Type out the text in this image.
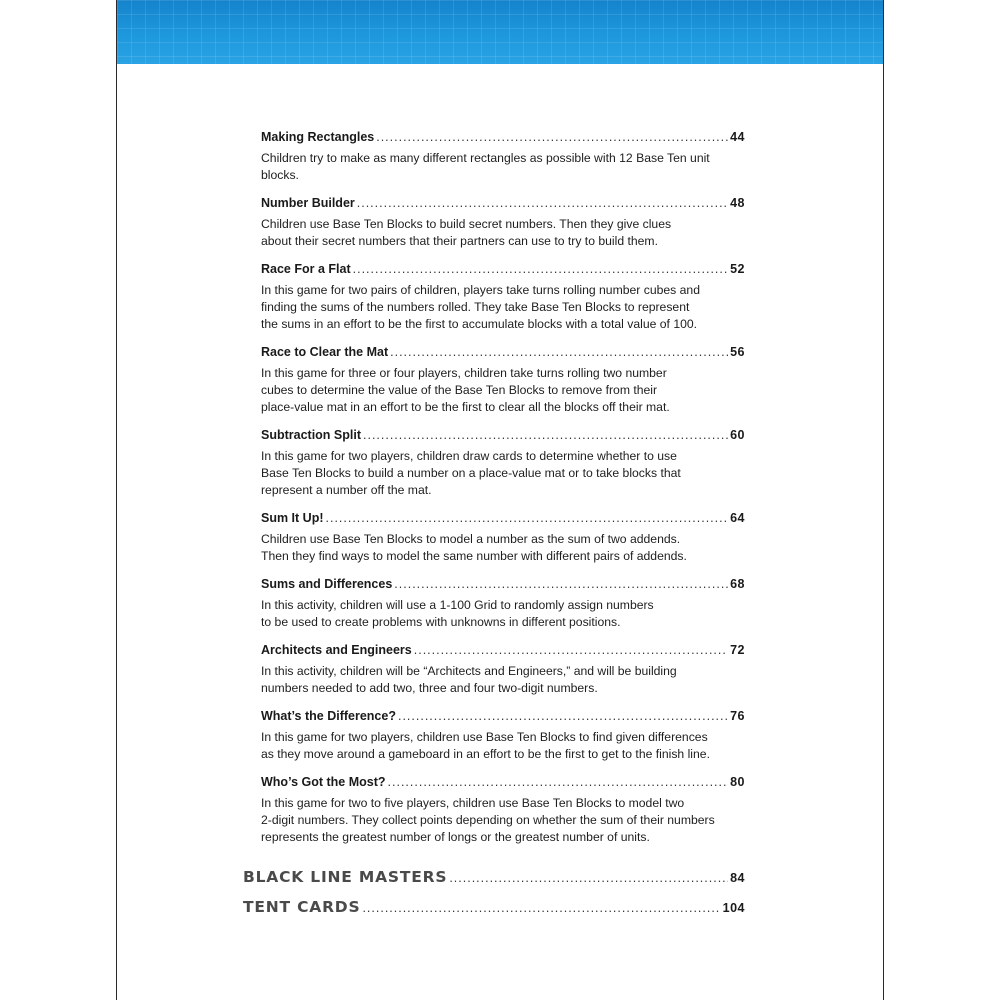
Making Rectangles .....	44

Children try to make as many different rectangles as possible with 12 Base Ten unit blocks.

Number Builder .....	48

Children use Base Ten Blocks to build secret numbers. Then they give clues
about their secret numbers that their partners can use to try to build them.

Race For a Flat .....	52

In this game for two pairs of children, players take turns rolling number cubes and
finding the sums of the numbers rolled. They take Base Ten Blocks to represent
the sums in an effort to be the first to accumulate blocks with a total value of 100.

Race to Clear the Mat .....	56

In this game for three or four players, children take turns rolling two number
cubes to determine the value of the Base Ten Blocks to remove from their
place-value mat in an effort to be the first to clear all the blocks off their mat.

Subtraction Split .....	60

In this game for two players, children draw cards to determine whether to use
Base Ten Blocks to build a number on a place-value mat or to take blocks that
represent a number off the mat.

Sum It Up! .....	64

Children use Base Ten Blocks to model a number as the sum of two addends.
Then they find ways to model the same number with different pairs of addends.

Sums and Differences .....	68

In this activity, children will use a 1-100 Grid to randomly assign numbers
to be used to create problems with unknowns in different positions.

Architects and Engineers .....	72

In this activity, children will be “Architects and Engineers,” and will be building
numbers needed to add two, three and four two-digit numbers.

What’s the Difference? .....	76

In this game for two players, children use Base Ten Blocks to find given differences
as they move around a gameboard in an effort to be the first to get to the finish line.

Who’s Got the Most? .....	80

In this game for two to five players, children use Base Ten Blocks to model two
2-digit numbers. They collect points depending on whether the sum of their numbers
represents the greatest number of longs or the greatest number of units.

BLACK LINE MASTERS .....	84
TENT CARDS .....	104
